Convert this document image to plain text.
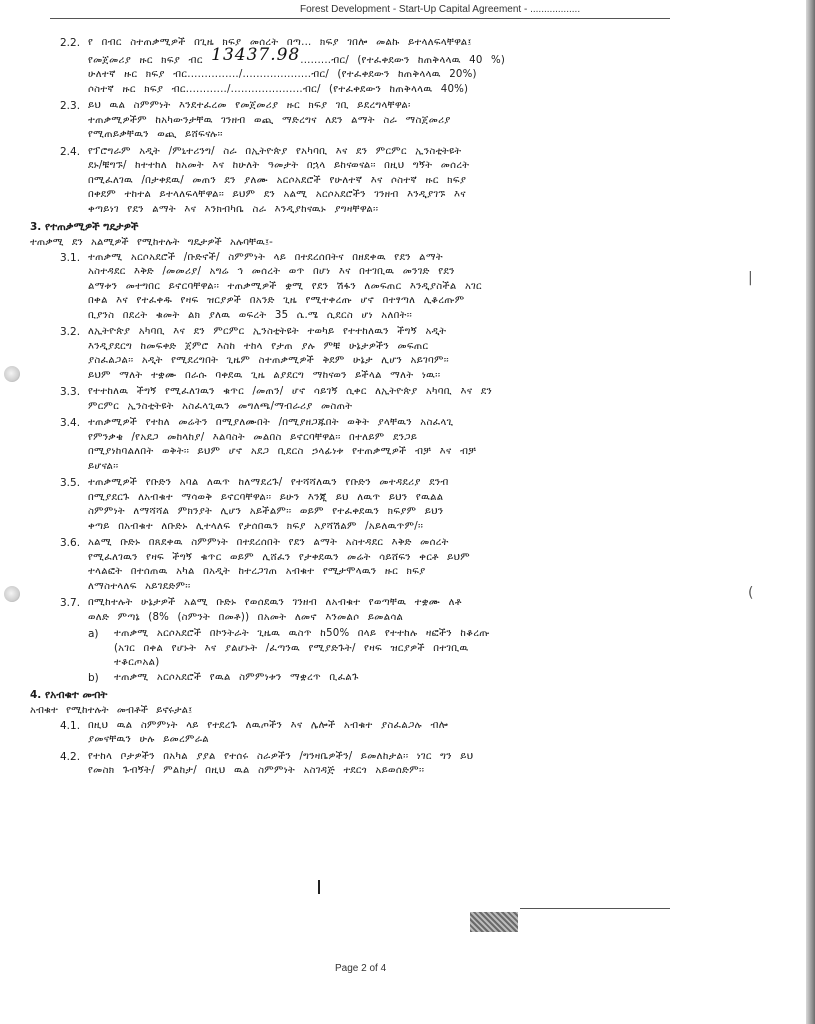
Forest Development - Start-Up Capital Agreement - ..................
2.2. የ በብር ስተጠቃሚዎች በጊዜ ክፍያ መሰረት በጣ... ክፍያ ገበሎ መልኩ ይተላለፍላቸዋል፤
የመጀመሪያ ዙር ክፍያ ብር 13437.98.........ብር/ (የተፈቀደውን ከጠቅላላዉ 40 %)
ሁለተኛ ዙር ክፍያ ብር.............../....................ብር/ (የተፈቀደውን ከጠቅላላዉ 20%)
ሶስተኛ ዙር ክፍያ ብር............/.....................ብር/ (የተፈቀደውን ከጠቅላላዉ 40%)
2.3. ይህ ዉል ስምምነት እንደተፈረመ የመጀመሪያ ዙር ክፍያ ገቢ ይደረግላቸዋል፡
ተጠቃሚዎችም ከአካውንታቸዉ ገንዘብ ወጪ ማድረግና ለደን ልማት ስራ ማስጀመሪያ
የሚጠይቃቸዉን ወጪ ይሸፍናሉ፡፡
2.4. የፕሮግራም አዲት /ምኒተሪንግ/ ስራ በኢትዮጵያ የአካባቢ እና ደን ምርምር ኢንስቲትዩት
ደኑ/ቹግኙ/ ከተተከለ ከአመት እና ከሁለት ዓመታት በኋላ ይከናወናል፡፡ በዚህ ግኝት መሰረት
በሚፈለገዉ /በታቀደዉ/ መጠን ደን ያለሙ አርሶአደሮች የሁለተኛ እና ሶስተኛ ዙር ክፍያ
በቀደም ተከተል ይተላለፍላቸዋል፡፡ ይህም ደን አልሚ አርሶአደሮችን ገንዘብ እንዲያገኙ እና
ቀጣይነገ የደን ልማት እና እንክብካቤ ስራ እንዲያከናዉኑ ያግዛቸዋል፡፡
3. የተጠቃሚዎች ግዴታዎች
ተጠቃሚ ደን አልሚዎች የሚከተሉት ግዴታዎች አሉባቸዉ፤-
3.1. ተጠቃሚ አርሶአደሮች /ቡድኖች/ ስምምነት ላይ በተደረሰበትና በዘደቀዉ የደን ልማት
አስተዳደር እቅድ /መመሪያ/ አግሬ ኅ መሰረት ወጥ በሆነ እና በተገቢዉ መንገድ የደን
ልማቱን መተግበር ይኖርባቸዋል፡፡ ተጠቃሚዎች ቋሚ የደን ሽፋን ለመፍጠር እንዲያስችል አገር
በቀል እና የተፈቀዱ የዛፍ ዝርያዎች በአንድ ጊዜ የሚተቀረጡ ሆኖ በተፃጣለ ሊቆረጡም
ቢያንስ በደረት ቁመት ልክ ያለዉ ወፍረት 35 ሴ.ሜ ሲደርስ ሆነ አለበት፡፡
3.2. ለኢትዮጵያ አካባቢ እና ደን ምርምር ኢንስቲትዩት ተወካይ የተተከለዉን ችግኝ አዲት
እንዲያደርግ ከመፍቀድ ጀምሮ እስከ ተከላ የታጠ ያሉ ምቹ ሁኔታዎችን መፍጠር
ያስፈልጋል፡፡ አዲት የሚደረግበት ጊዜም ስተጠቃሚዎች ቅደም ሁኔታ ሊሆን አይገባም፡፡
ይህም ማለት ተቋሙ በራሱ ባቀደዉ ጊዜ ልያደርግ ማከናወን ይችላል ማለት ነዉ፡፡
3.3. የተተከለዉ ችግኝ የሚፈለገዉን ቁጥር /መጠን/ ሆኖ ሳይገኝ ሲቀር ለኢትዮጵያ አካባቢ እና ደን
ምርምር ኢንስቲትዩት አስፈላጊዉን መግለጫ/ማብራሪያ መስጠት
3.4. ተጠቃሚዎች የተከለ መሬትን በሚያለሙበት /በሚያዘጋጁበት ወቅት ያላቸዉን አስፈላጊ
የምንቃቄ /የአደጋ መከላከያ/ እልባስት መልበስ ይኖርባቸዋል፡፡ በተለይም ደንጋይ
በሚያነከባልለበት ወቅት፡፡ ይህም ሆኖ አደጋ ቢደርስ ኃላፊነቱ የተጠቃሚዎች ብቻ እና ብቻ
ይሆናል፡፡
3.5. ተጠቃሚዎች የቡድን አባል ለዉጥ ከለማደረጉ/ የተሻሻለዉን የቡድን መተዳደሪያ ደንብ
በሚያደርጉ ለአብቁተ ማሳወቅ ይኖርባቸዋል፡፡ ይሁን እንጂ ይህ ለዉጥ ይህን የዉልል
ስምምነት ለማሻሻል ምክንያት ሊሆን አይችልም፡፡ ወይም የተፈቀደዉን ክፍያም ይህን
ቀጣይ በአብቁተ ለቡድኑ ሊተላለፍ የታሰበዉን ክፍያ አያሻሽልም /አይለዉጥም/፡፡
3.6. አልሚ ቡድኑ በጸደቀዉ ስምምነት በተደረሰበት የደን ልማት አስተዳደር እቅድ መሰረት
የሚፈለገዉን የዛፍ ችግኝ ቁጥር ወይም ሊሸፈን የታቀደዉን መሬት ሳይሸፍን ቀርቶ ይህም
ተላልፎት በተሰጠዉ አካል በአዲት ከተረጋገጠ አብቁተ የሚታሞላዉን ዙር ክፍያ
ለማስተላለፍ አይገደድም፡፡
3.7. በሚከተሉት ሁኔታዎች አልሚ ቡድኑ የወሰደዉን ገንዘብ ለአብቁተ የወጣቸዉ ተቋሙ ለቶ
ወለድ ምጣኔ (8% (ስምንት በመቶ)) በአመት ለመኖ እንመልሶ ይመልሳል
a)	ተጠቃሚ አርሶአደሮች በኮንትራት ጊዜዉ ዉስጥ ከ50% በላይ የተተከሉ ዛፎችን ከቆረጡ
(አገር በቀል የሆኑት እና ያልሆኑት /ፈጣንዉ የሚያድጉት/ የዛፍ ዝርያዎች በተገቢዉ
ተቆርጦአል)
b)	ተጠቃሚ አርሶአደሮች የዉል ስምምነቱን ማቋረጥ ቢፈልጉ
4. የአብቁተ መብት
አብቁተ የሚከተሉት መብቶች ይኖሩታል፤
4.1. በዚህ ዉል ስምምነት ላይ የተደረጉ ለዉጦችን እና ሌሎች አብቁተ ያስፈልጋሉ ብሎ
ያመናቸዉን ሁሉ ይመረምራል
4.2. የተከላ ቦታዎችን በአካል ያያል የተሰሩ ስራዎችን /ግንዛቤዎችን/ ይመለከታል፡፡ ነገር ግን ይህ
የመስክ ጉብኝት/ ምልከታ/ በዚህ ዉል ስምምነት አስገዳጅ ተደርጎ አይወሰድም፡፡
|
(
Page 2 of 4
